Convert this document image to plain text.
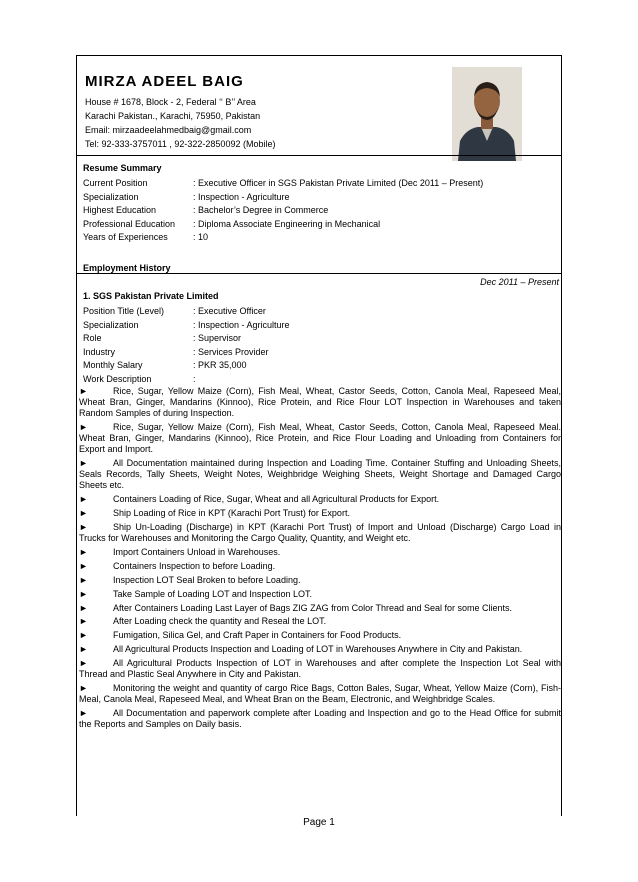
MIRZA ADEEL BAIG
House # 1678, Block - 2, Federal ‘‘ B’’ Area
Karachi Pakistan., Karachi, 75950, Pakistan
Email: mirzaadeelahmedbaig@gmail.com
Tel: 92-333-3757011 , 92-322-2850092 (Mobile)
Resume Summary
Current Position	: Executive Officer in SGS Pakistan Private Limited (Dec 2011 – Present)
Specialization	: Inspection - Agriculture
Highest Education	: Bachelor’s Degree in Commerce
Professional Education	: Diploma Associate Engineering in Mechanical
Years of Experiences	: 10
Employment History
Dec 2011 – Present
1. SGS Pakistan Private Limited
Position Title (Level)	: Executive Officer
Specialization	: Inspection - Agriculture
Role	: Supervisor
Industry	: Services Provider
Monthly Salary	: PKR 35,000
Work Description	:
►	Rice, Sugar, Yellow Maize (Corn), Fish Meal, Wheat, Castor Seeds, Cotton, Canola Meal, Rapeseed Meal, Wheat Bran, Ginger, Mandarins (Kinnoo), Rice Protein, and Rice Flour LOT Inspection in Warehouses and taken Random Samples of during Inspection.
►	Rice, Sugar, Yellow Maize (Corn), Fish Meal, Wheat, Castor Seeds, Cotton, Canola Meal, Rapeseed Meal. Wheat Bran, Ginger, Mandarins (Kinnoo), Rice Protein, and Rice Flour Loading and Unloading from Containers for Export and Import.
►	All Documentation maintained during Inspection and Loading Time. Container Stuffing and Unloading Sheets, Seals Records, Tally Sheets, Weight Notes, Weighbridge Weighing Sheets, Weight Shortage and Damaged Cargo Sheets etc.
►	Containers Loading of Rice, Sugar, Wheat and all Agricultural Products for Export.
►	Ship Loading of Rice in KPT (Karachi Port Trust) for Export.
►	Ship Un-Loading (Discharge) in KPT (Karachi Port Trust) of Import and Unload (Discharge) Cargo Load in Trucks for Warehouses and Monitoring the Cargo Quality, Quantity, and Weight etc.
►	Import Containers Unload in Warehouses.
►	Containers Inspection to before Loading.
►	Inspection LOT Seal Broken to before Loading.
►	Take Sample of Loading LOT and Inspection LOT.
►	After Containers Loading Last Layer of Bags ZIG ZAG from Color Thread and Seal for some Clients.
►	After Loading check the quantity and Reseal the LOT.
►	Fumigation, Silica Gel, and Craft Paper in Containers for Food Products.
►	All Agricultural Products Inspection and Loading of LOT in Warehouses Anywhere in City and Pakistan.
►	All Agricultural Products Inspection of LOT in Warehouses and after complete the Inspection Lot Seal with Thread and Plastic Seal Anywhere in City and Pakistan.
►	Monitoring the weight and quantity of cargo Rice Bags, Cotton Bales, Sugar, Wheat, Yellow Maize (Corn), Fish-Meal, Canola Meal, Rapeseed Meal, and Wheat Bran on the Beam, Electronic, and Weighbridge Scales.
►	All Documentation and paperwork complete after Loading and Inspection and go to the Head Office for submit the Reports and Samples on Daily basis.
Page 1
